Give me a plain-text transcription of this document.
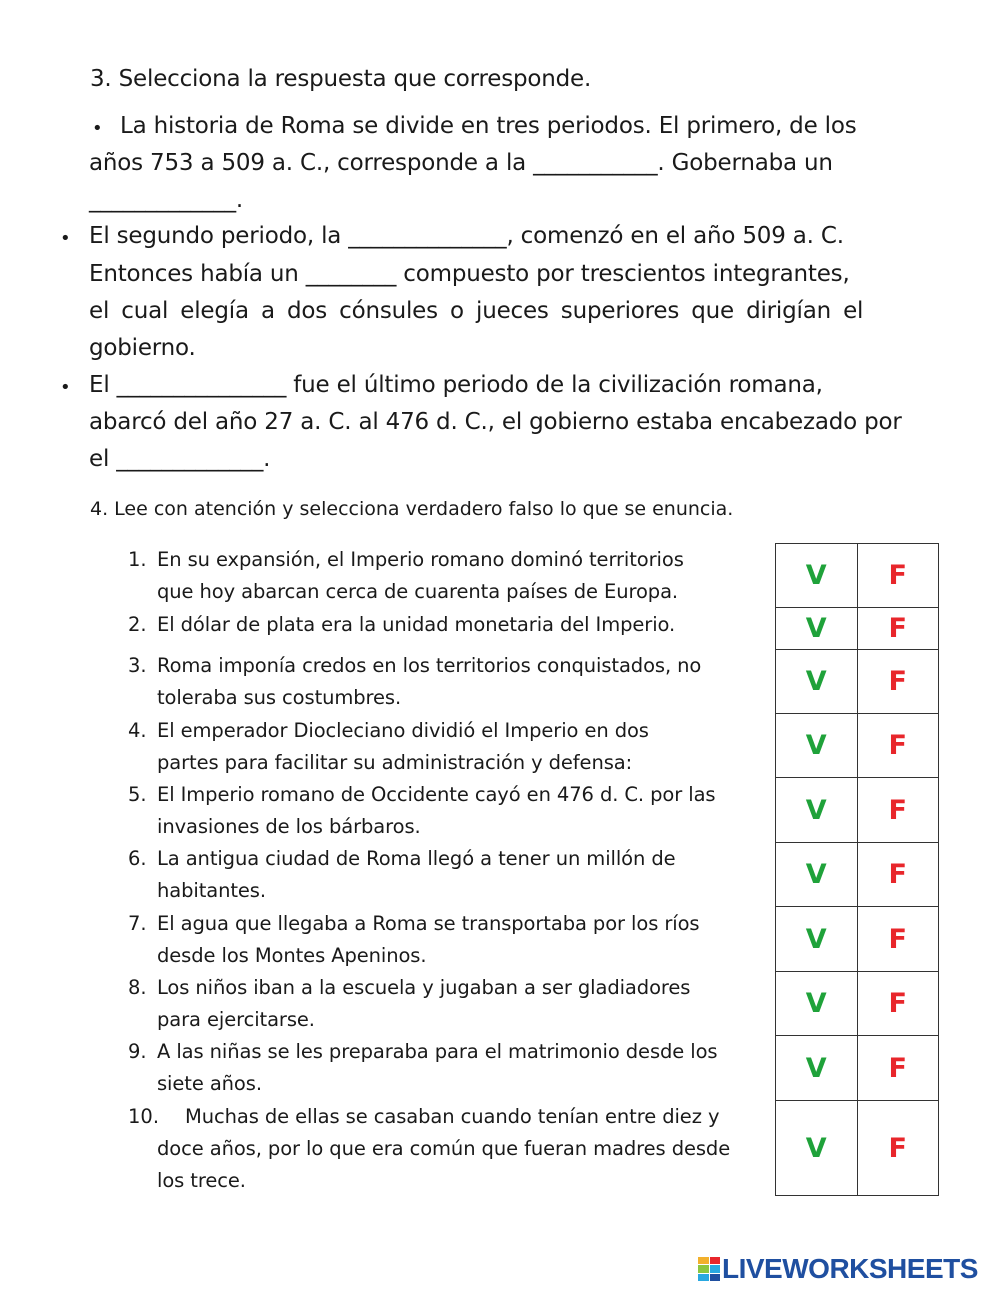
3. Selecciona la respuesta que corresponde.
• La historia de Roma se divide en tres periodos. El primero, de los
años 753 a 509 a. C., corresponde a la ___________. Gobernaba un
_____________.
• El segundo periodo, la ______________, comenzó en el año 509 a. C.
Entonces había un ________ compuesto por trescientos integrantes,
el cual elegía a dos cónsules o jueces superiores que dirigían el
gobierno.
• El _______________ fue el último periodo de la civilización romana,
abarcó del año 27 a. C. al 476 d. C., el gobierno estaba encabezado por
el _____________.
4. Lee con atención y selecciona verdadero falso lo que se enuncia.
1. En su expansión, el Imperio romano dominó territorios
que hoy abarcan cerca de cuarenta países de Europa.
2. El dólar de plata era la unidad monetaria del Imperio.
3. Roma imponía credos en los territorios conquistados, no
toleraba sus costumbres.
4. El emperador Diocleciano dividió el Imperio en dos
partes para facilitar su administración y defensa:
5. El Imperio romano de Occidente cayó en 476 d. C. por las
invasiones de los bárbaros.
6. La antigua ciudad de Roma llegó a tener un millón de
habitantes.
7. El agua que llegaba a Roma se transportaba por los ríos
desde los Montes Apeninos.
8. Los niños iban a la escuela y jugaban a ser gladiadores
para ejercitarse.
9. A las niñas se les preparaba para el matrimonio desde los
siete años.
10. Muchas de ellas se casaban cuando tenían entre diez y
doce años, por lo que era común que fueran madres desde
los trece.
V	F
V	F
V	F
V	F
V	F
V	F
V	F
V	F
V	F
V	F
LIVEWORKSHEETS
